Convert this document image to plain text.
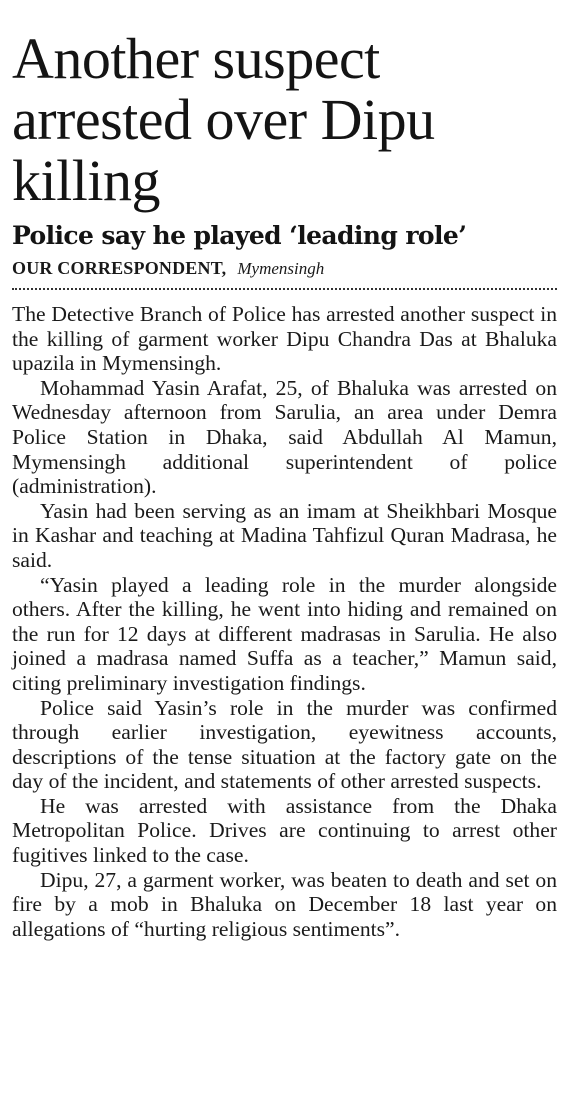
Another suspect arrested over Dipu killing
Police say he played ‘leading role’
OUR CORRESPONDENT, Mymensingh

The Detective Branch of Police has arrested another suspect in the killing of garment worker Dipu Chandra Das at Bhaluka upazila in Mymensingh.

Mohammad Yasin Arafat, 25, of Bhaluka was arrested on Wednesday afternoon from Sarulia, an area under Demra Police Station in Dhaka, said Abdullah Al Mamun, Mymensingh additional superintendent of police (administration).

Yasin had been serving as an imam at Sheikhbari Mosque in Kashar and teaching at Madina Tahfizul Quran Madrasa, he said.

“Yasin played a leading role in the murder alongside others. After the killing, he went into hiding and remained on the run for 12 days at different madrasas in Sarulia. He also joined a madrasa named Suffa as a teacher,” Mamun said, citing preliminary investigation findings.

Police said Yasin’s role in the murder was confirmed through earlier investigation, eyewitness accounts, descriptions of the tense situation at the factory gate on the day of the incident, and statements of other arrested suspects.

He was arrested with assistance from the Dhaka Metropolitan Police. Drives are continuing to arrest other fugitives linked to the case.

Dipu, 27, a garment worker, was beaten to death and set on fire by a mob in Bhaluka on December 18 last year on allegations of “hurting religious sentiments”.
